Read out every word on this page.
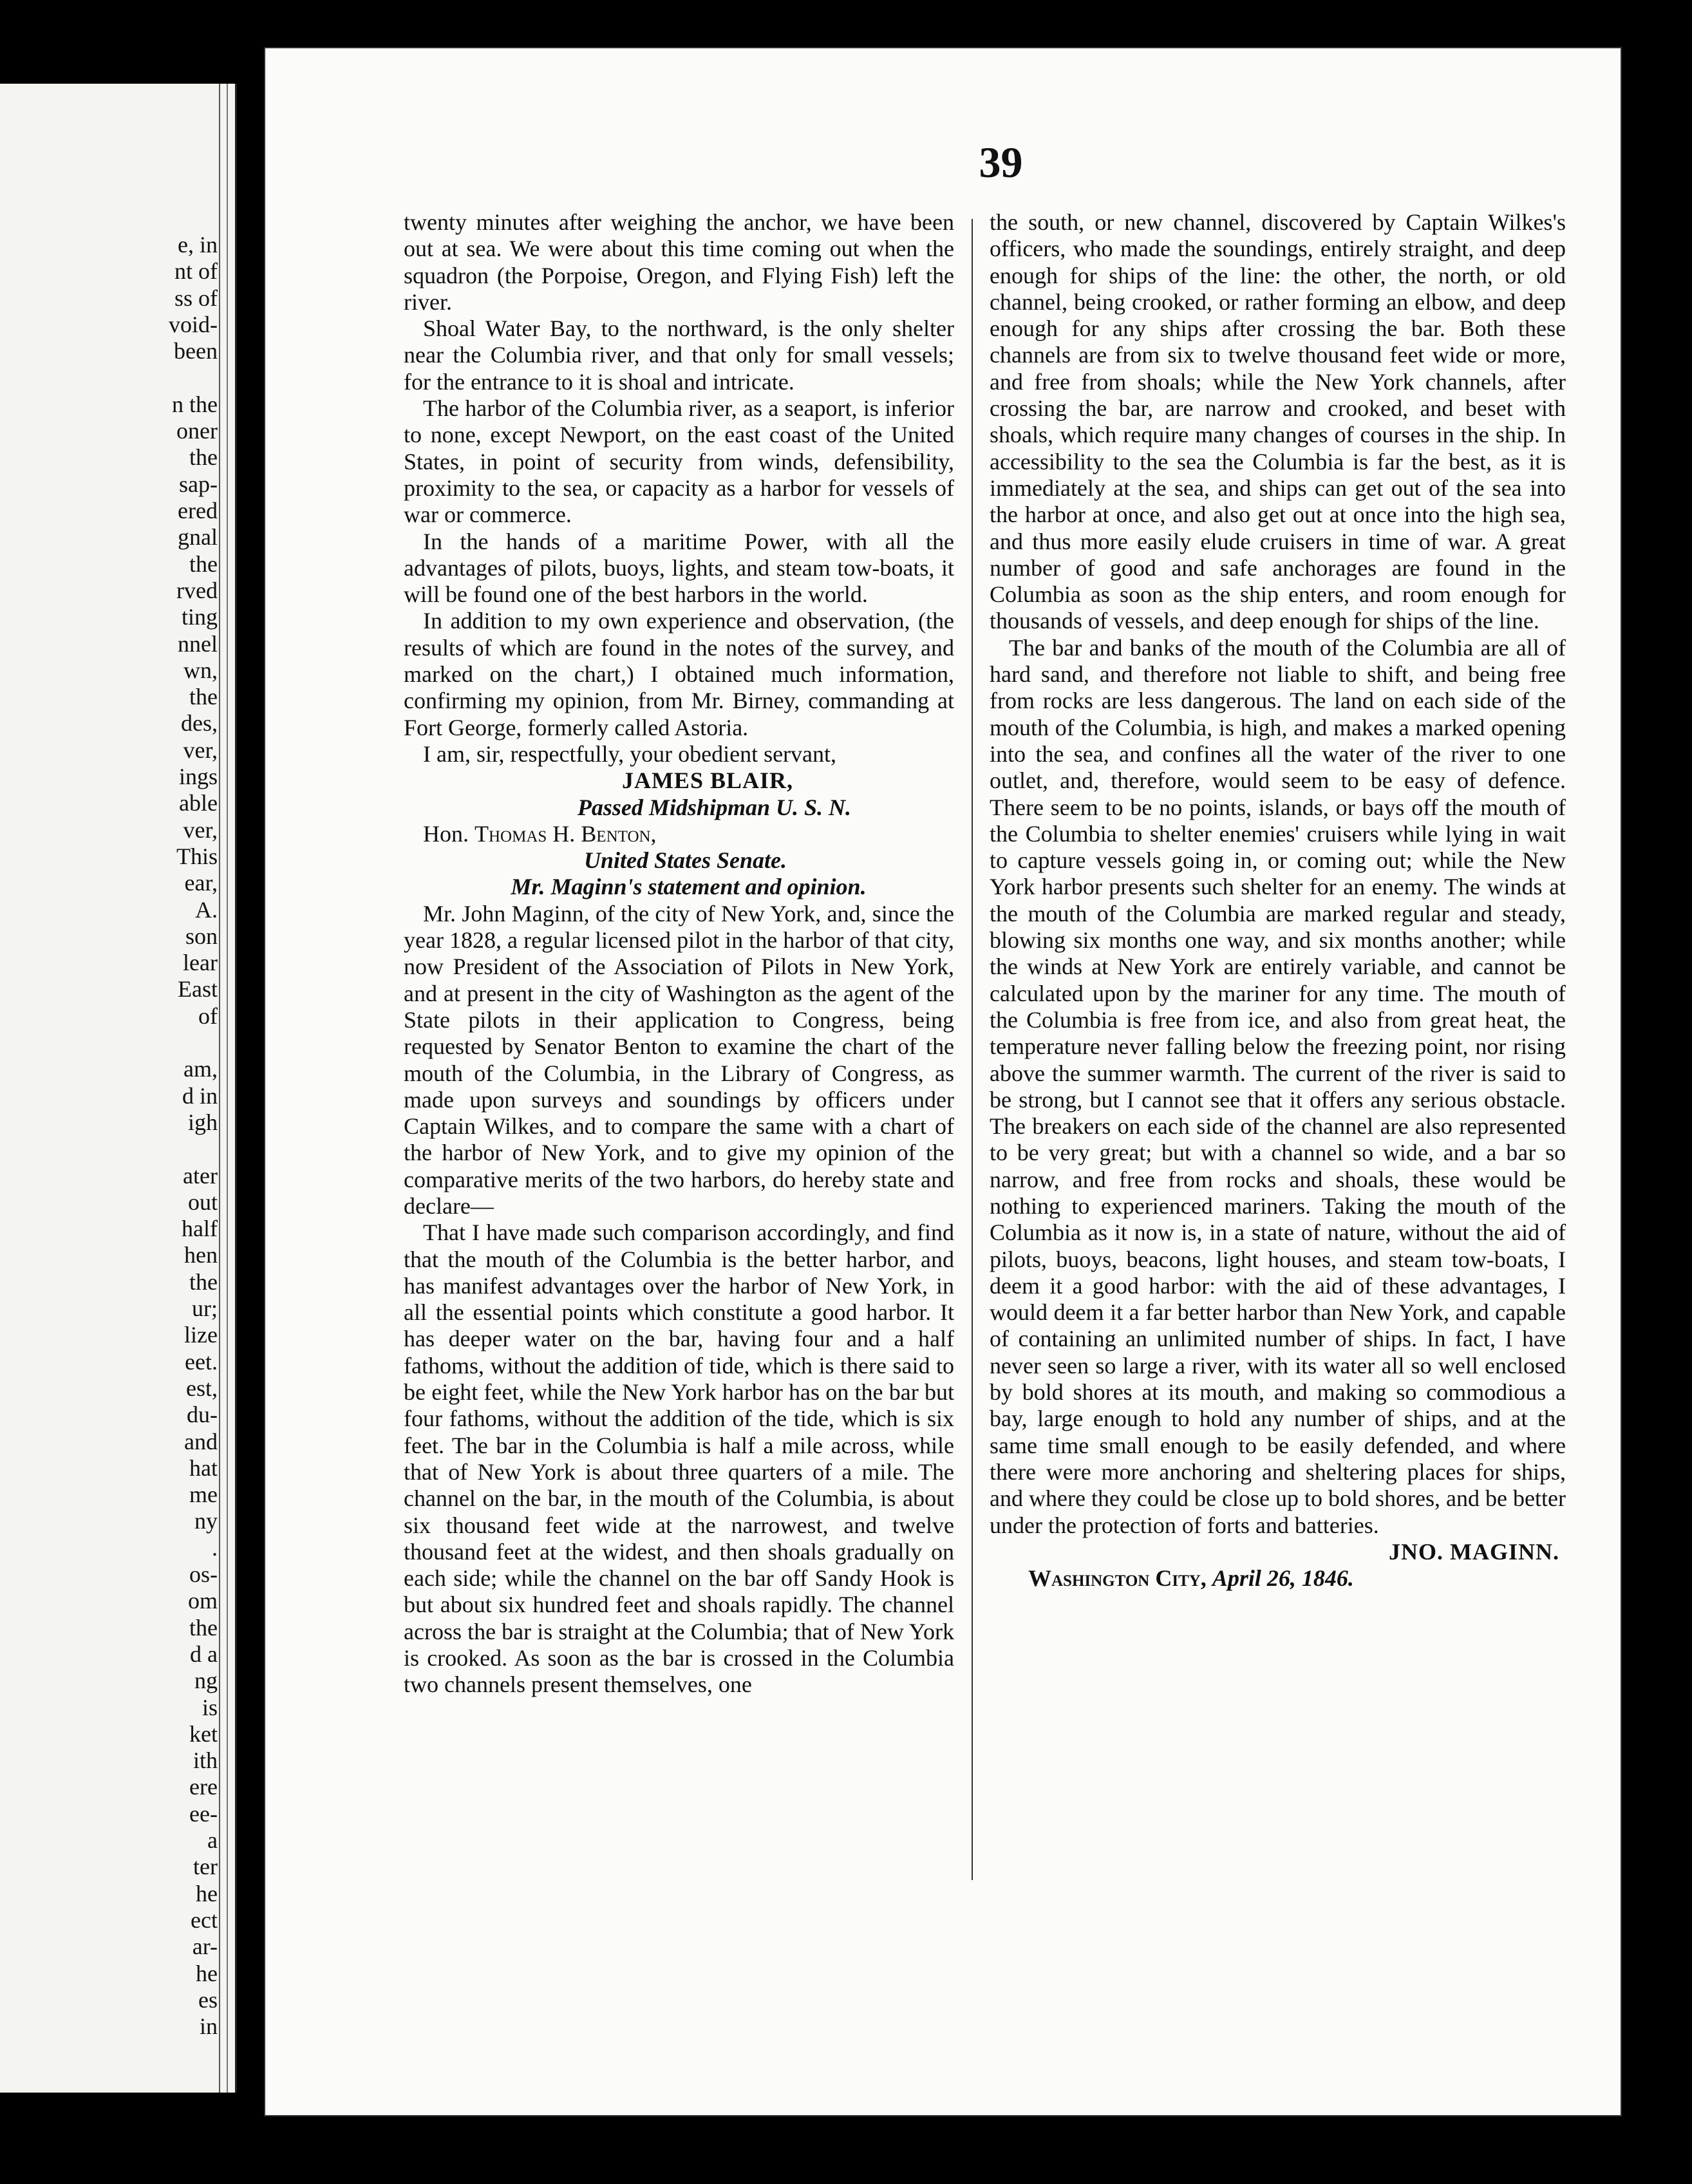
e, in
nt of
ss of
void-
been
n the
oner
the
sap-
ered
gnal
the
rved
ting
nnel
wn,
the
des,
ver,
ings
able
ver,
This
ear,
A.
son
lear
East
of
am,
d in
igh
ater
out
half
hen
the
ur;
lize
eet.
est,
du-
and
hat
me
ny
.
os-
om
the
d a
ng
is
ket
ith
ere
ee-
a
ter
he
ect
ar-
he
es
in
39

twenty minutes after weighing the anchor, we have been out at sea. We were about this time coming out when the squadron (the Porpoise, Oregon, and Flying Fish) left the river.

Shoal Water Bay, to the northward, is the only shelter near the Columbia river, and that only for small vessels; for the entrance to it is shoal and intricate.

The harbor of the Columbia river, as a seaport, is inferior to none, except Newport, on the east coast of the United States, in point of security from winds, defensibility, proximity to the sea, or capacity as a harbor for vessels of war or commerce.

In the hands of a maritime Power, with all the advantages of pilots, buoys, lights, and steam tow-boats, it will be found one of the best harbors in the world.

In addition to my own experience and observation, (the results of which are found in the notes of the survey, and marked on the chart,) I obtained much information, confirming my opinion, from Mr. Birney, commanding at Fort George, formerly called Astoria.

I am, sir, respectfully, your obedient servant,

JAMES BLAIR,

Passed Midshipman U. S. N.

Hon. Thomas H. Benton,

United States Senate.

Mr. Maginn's statement and opinion.

Mr. John Maginn, of the city of New York, and, since the year 1828, a regular licensed pilot in the harbor of that city, now President of the Association of Pilots in New York, and at present in the city of Washington as the agent of the State pilots in their application to Congress, being requested by Senator Benton to examine the chart of the mouth of the Columbia, in the Library of Congress, as made upon surveys and soundings by officers under Captain Wilkes, and to compare the same with a chart of the harbor of New York, and to give my opinion of the comparative merits of the two harbors, do hereby state and declare—

That I have made such comparison accordingly, and find that the mouth of the Columbia is the better harbor, and has manifest advantages over the harbor of New York, in all the essential points which constitute a good harbor. It has deeper water on the bar, having four and a half fathoms, without the addition of tide, which is there said to be eight feet, while the New York harbor has on the bar but four fathoms, without the addition of the tide, which is six feet. The bar in the Columbia is half a mile across, while that of New York is about three quarters of a mile. The channel on the bar, in the mouth of the Columbia, is about six thousand feet wide at the narrowest, and twelve thousand feet at the widest, and then shoals gradually on each side; while the channel on the bar off Sandy Hook is but about six hundred feet and shoals rapidly. The channel across the bar is straight at the Columbia; that of New York is crooked. As soon as the bar is crossed in the Columbia two channels present themselves, one

the south, or new channel, discovered by Captain Wilkes's officers, who made the soundings, entirely straight, and deep enough for ships of the line: the other, the north, or old channel, being crooked, or rather forming an elbow, and deep enough for any ships after crossing the bar. Both these channels are from six to twelve thousand feet wide or more, and free from shoals; while the New York channels, after crossing the bar, are narrow and crooked, and beset with shoals, which require many changes of courses in the ship. In accessibility to the sea the Columbia is far the best, as it is immediately at the sea, and ships can get out of the sea into the harbor at once, and also get out at once into the high sea, and thus more easily elude cruisers in time of war. A great number of good and safe anchorages are found in the Columbia as soon as the ship enters, and room enough for thousands of vessels, and deep enough for ships of the line.

The bar and banks of the mouth of the Columbia are all of hard sand, and therefore not liable to shift, and being free from rocks are less dangerous. The land on each side of the mouth of the Columbia, is high, and makes a marked opening into the sea, and confines all the water of the river to one outlet, and, therefore, would seem to be easy of defence. There seem to be no points, islands, or bays off the mouth of the Columbia to shelter enemies' cruisers while lying in wait to capture vessels going in, or coming out; while the New York harbor presents such shelter for an enemy. The winds at the mouth of the Columbia are marked regular and steady, blowing six months one way, and six months another; while the winds at New York are entirely variable, and cannot be calculated upon by the mariner for any time. The mouth of the Columbia is free from ice, and also from great heat, the temperature never falling below the freezing point, nor rising above the summer warmth. The current of the river is said to be strong, but I cannot see that it offers any serious obstacle. The breakers on each side of the channel are also represented to be very great; but with a channel so wide, and a bar so narrow, and free from rocks and shoals, these would be nothing to experienced mariners. Taking the mouth of the Columbia as it now is, in a state of nature, without the aid of pilots, buoys, beacons, light houses, and steam tow-boats, I deem it a good harbor: with the aid of these advantages, I would deem it a far better harbor than New York, and capable of containing an unlimited number of ships. In fact, I have never seen so large a river, with its water all so well enclosed by bold shores at its mouth, and making so commodious a bay, large enough to hold any number of ships, and at the same time small enough to be easily defended, and where there were more anchoring and sheltering places for ships, and where they could be close up to bold shores, and be better under the protection of forts and batteries.

JNO. MAGINN.

Washington City, April 26, 1846.
